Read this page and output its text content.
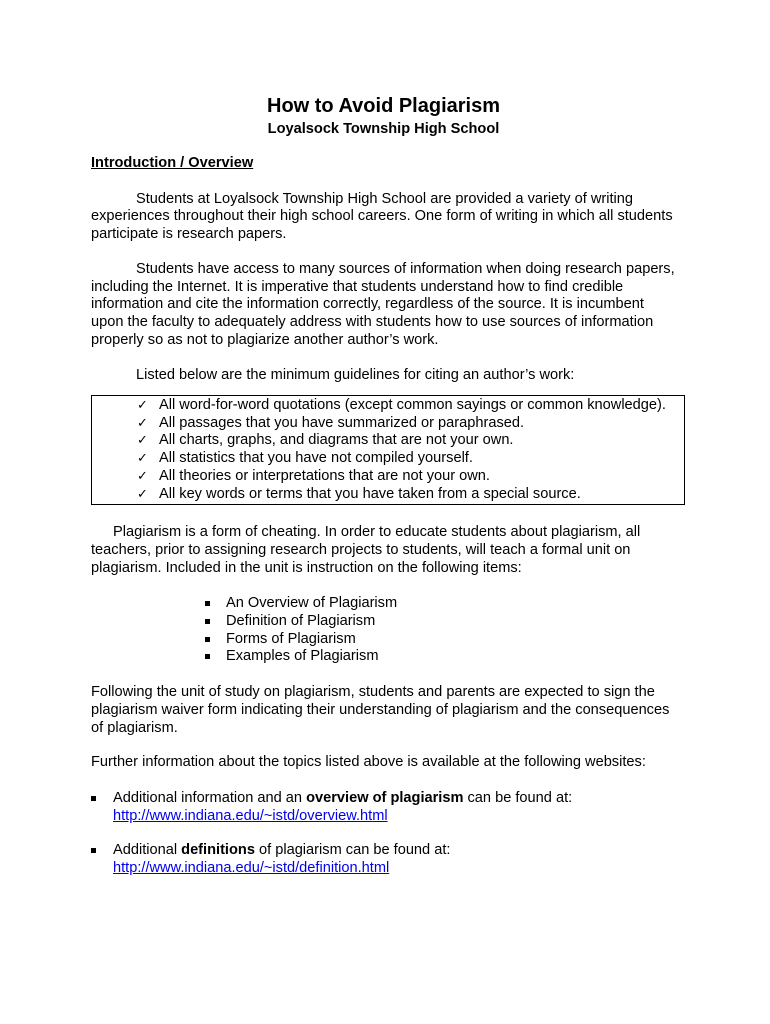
How to Avoid Plagiarism
Loyalsock Township High School
Introduction / Overview

Students at Loyalsock Township High School are provided a variety of writing experiences throughout their high school careers. One form of writing in which all students participate is research papers.

Students have access to many sources of information when doing research papers, including the Internet. It is imperative that students understand how to find credible information and cite the information correctly, regardless of the source. It is incumbent upon the faculty to adequately address with students how to use sources of information properly so as not to plagiarize another author’s work.

Listed below are the minimum guidelines for citing an author’s work:

✓ All word-for-word quotations (except common sayings or common knowledge).
✓ All passages that you have summarized or paraphrased.
✓ All charts, graphs, and diagrams that are not your own.
✓ All statistics that you have not compiled yourself.
✓ All theories or interpretations that are not your own.
✓ All key words or terms that you have taken from a special source.

Plagiarism is a form of cheating. In order to educate students about plagiarism, all teachers, prior to assigning research projects to students, will teach a formal unit on plagiarism. Included in the unit is instruction on the following items:

An Overview of Plagiarism
Definition of Plagiarism
Forms of Plagiarism
Examples of Plagiarism

Following the unit of study on plagiarism, students and parents are expected to sign the plagiarism waiver form indicating their understanding of plagiarism and the consequences of plagiarism.

Further information about the topics listed above is available at the following websites:

Additional information and an overview of plagiarism can be found at:
http://www.indiana.edu/~istd/overview.html
Additional definitions of plagiarism can be found at:
http://www.indiana.edu/~istd/definition.html
